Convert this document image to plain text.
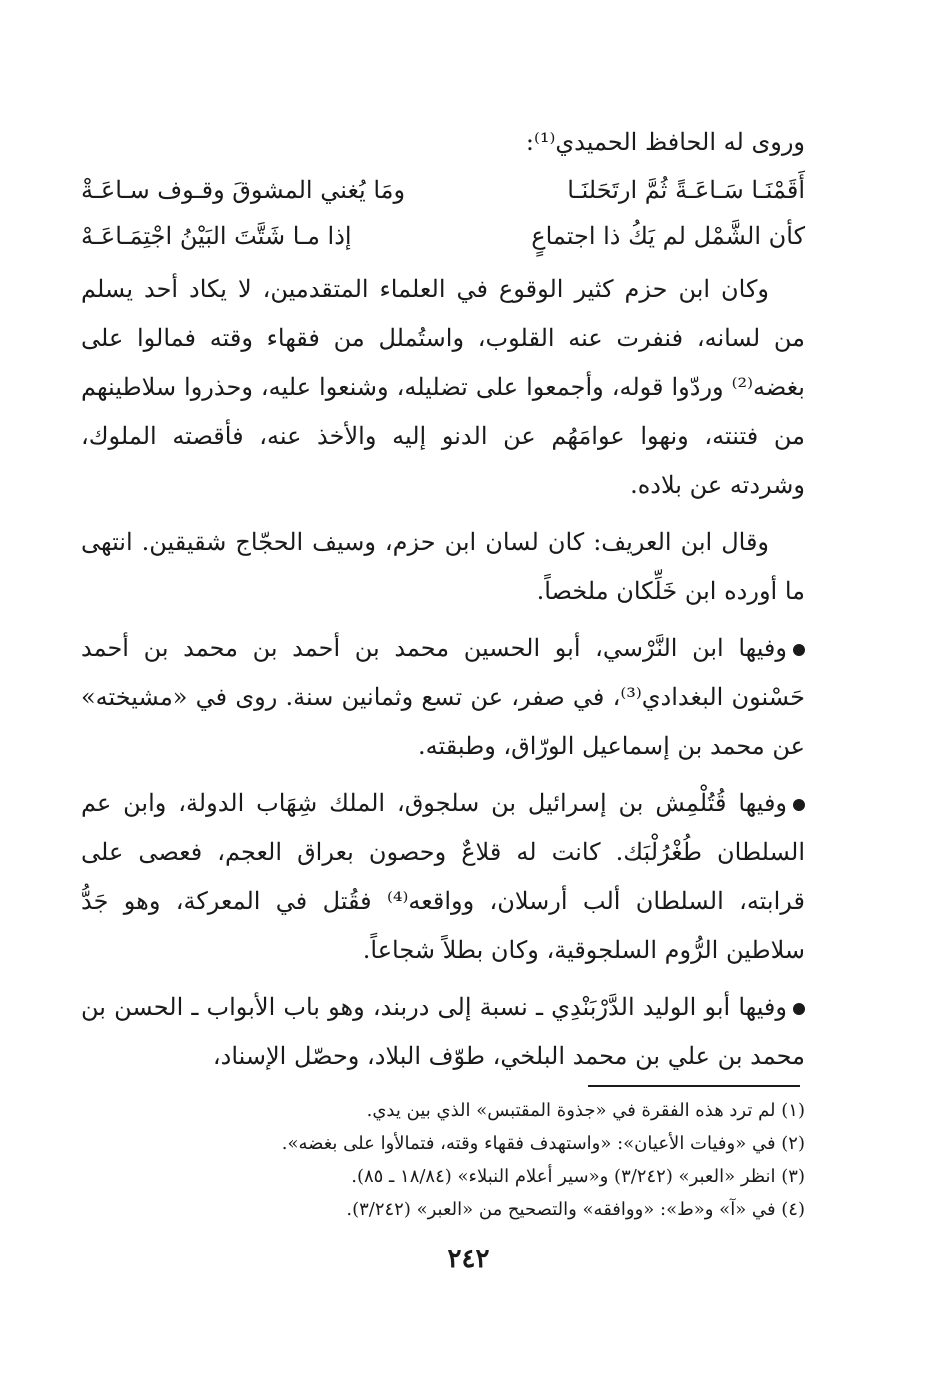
وروى له الحافظ الحميدي⁽¹⁾:

أَقَمْنَـا سَـاعَـةً ثُمَّ ارتَحَلنَـا
ومَا يُغني المشوقَ وقـوف سـاعَـةْ
كأن الشَّمْل لم يَكُ ذا اجتماعٍ
إذا مـا شَتَّتَ البَيْنُ اجْتِمَـاعَـهْ

وكان ابن حزم كثير الوقوع في العلماء المتقدمين، لا يكاد أحد يسلم من لسانه، فنفرت عنه القلوب، واستُملل من فقهاء وقته فمالوا على بغضه⁽²⁾ وردّوا قوله، وأجمعوا على تضليله، وشنعوا عليه، وحذروا سلاطينهم من فتنته، ونهوا عوامَهُم عن الدنو إليه والأخذ عنه، فأقصته الملوك، وشردته عن بلاده.

وقال ابن العريف: كان لسان ابن حزم، وسيف الحجّاج شقيقين. انتهى ما أورده ابن خَلِّكان ملخصاً.

وفيها ابن النَّرْسي، أبو الحسين محمد بن أحمد بن محمد بن أحمد حَسْنون البغدادي⁽³⁾، في صفر، عن تسع وثمانين سنة. روى في «مشيخته» عن محمد بن إسماعيل الورّاق، وطبقته.

وفيها قُتُلْمِش بن إسرائيل بن سلجوق، الملك شِهَاب الدولة، وابن عم السلطان طُغْرُلْبَك. كانت له قلاعٌ وحصون بعراق العجم، فعصى على قرابته، السلطان ألب أرسلان، وواقعه⁽⁴⁾ فقُتل في المعركة، وهو جَدُّ سلاطين الرُّوم السلجوقية، وكان بطلاً شجاعاً.

وفيها أبو الوليد الدَّرْبَنْدِي ـ نسبة إلى دربند، وهو باب الأبواب ـ الحسن بن محمد بن علي بن محمد البلخي، طوّف البلاد، وحصّل الإسناد،

(١) لم ترد هذه الفقرة في «جذوة المقتبس» الذي بين يدي.
(٢) في «وفيات الأعيان»: «واستهدف فقهاء وقته، فتمالأوا على بغضه».
(٣) انظر «العبر» (٣/٢٤٢) و«سير أعلام النبلاء» (١٨/٨٤ ـ ٨٥).
(٤) في «آ» و«ط»: «ووافقه» والتصحيح من «العبر» (٣/٢٤٢).
٢٤٢
